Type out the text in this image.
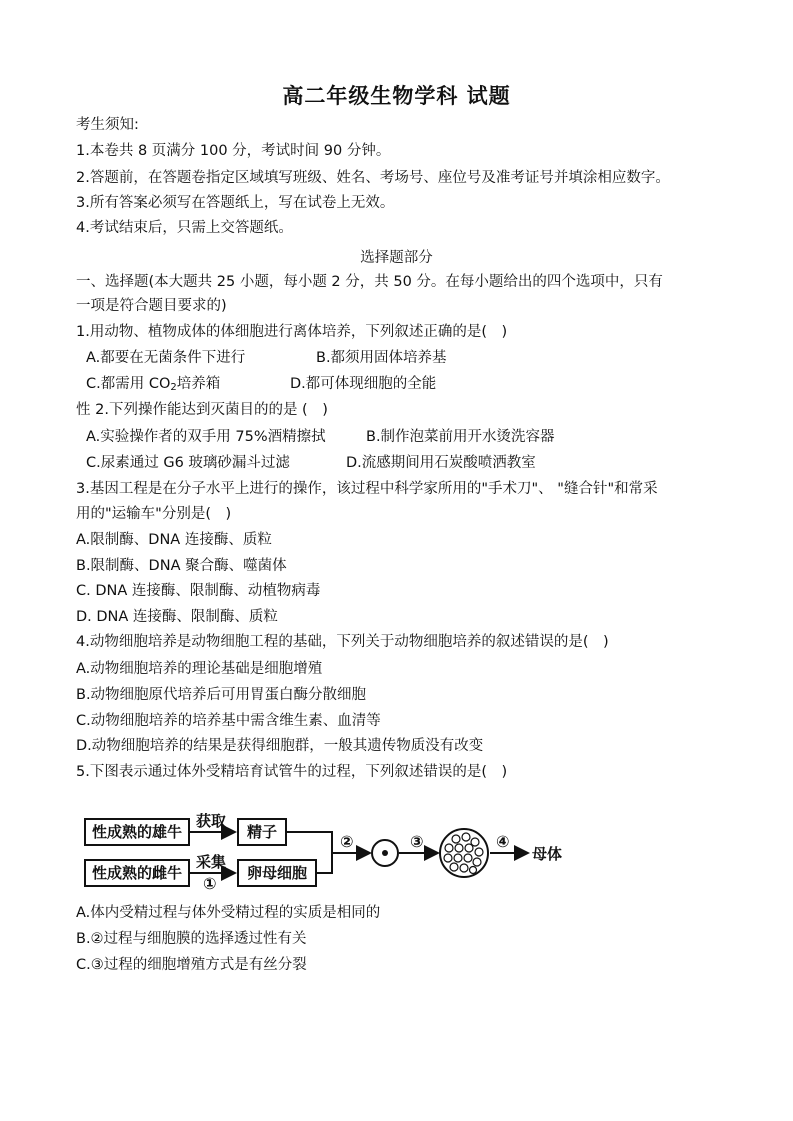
高二年级生物学科 试题
考生须知:
1.本卷共 8 页满分 100 分，考试时间 90 分钟。
2.答题前，在答题卷指定区域填写班级、姓名、考场号、座位号及准考证号并填涂相应数字。
3.所有答案必须写在答题纸上，写在试卷上无效。
4.考试结束后，只需上交答题纸。
选择题部分
一、选择题(本大题共 25 小题，每小题 2 分，共 50 分。在每小题给出的四个选项中，只有
一项是符合题目要求的)
1.用动物、植物成体的体细胞进行离体培养，下列叙述正确的是(　)
A.都要在无菌条件下进行	B.都须用固体培养基
C.都需用 $CO_2$培养箱	D.都可体现细胞的全能
性 2.下列操作能达到灭菌目的的是 (　)
A.实验操作者的双手用 75%酒精擦拭	B.制作泡菜前用开水烫洗容器
C.尿素通过 G6 玻璃砂漏斗过滤	D.流感期间用石炭酸喷洒教室
3.基因工程是在分子水平上进行的操作，该过程中科学家所用的"手术刀"、 "缝合针"和常采
用的"运输车"分别是(　)
A.限制酶、DNA 连接酶、质粒
B.限制酶、DNA 聚合酶、噬菌体
C. DNA 连接酶、限制酶、动植物病毒
D. DNA 连接酶、限制酶、质粒
4.动物细胞培养是动物细胞工程的基础，下列关于动物细胞培养的叙述错误的是(　)
A.动物细胞培养的理论基础是细胞增殖
B.动物细胞原代培养后可用胃蛋白酶分散细胞
C.动物细胞培养的培养基中需含维生素、血清等
D.动物细胞培养的结果是获得细胞群，一般其遗传物质没有改变
5.下图表示通过体外受精培育试管牛的过程，下列叙述错误的是(　)
性成熟的雄牛
性成熟的雌牛
精子
卵母细胞
获取
采集
①
②	③	④
母体
A.体内受精过程与体外受精过程的实质是相同的
B.②过程与细胞膜的选择透过性有关
C.③过程的细胞增殖方式是有丝分裂
